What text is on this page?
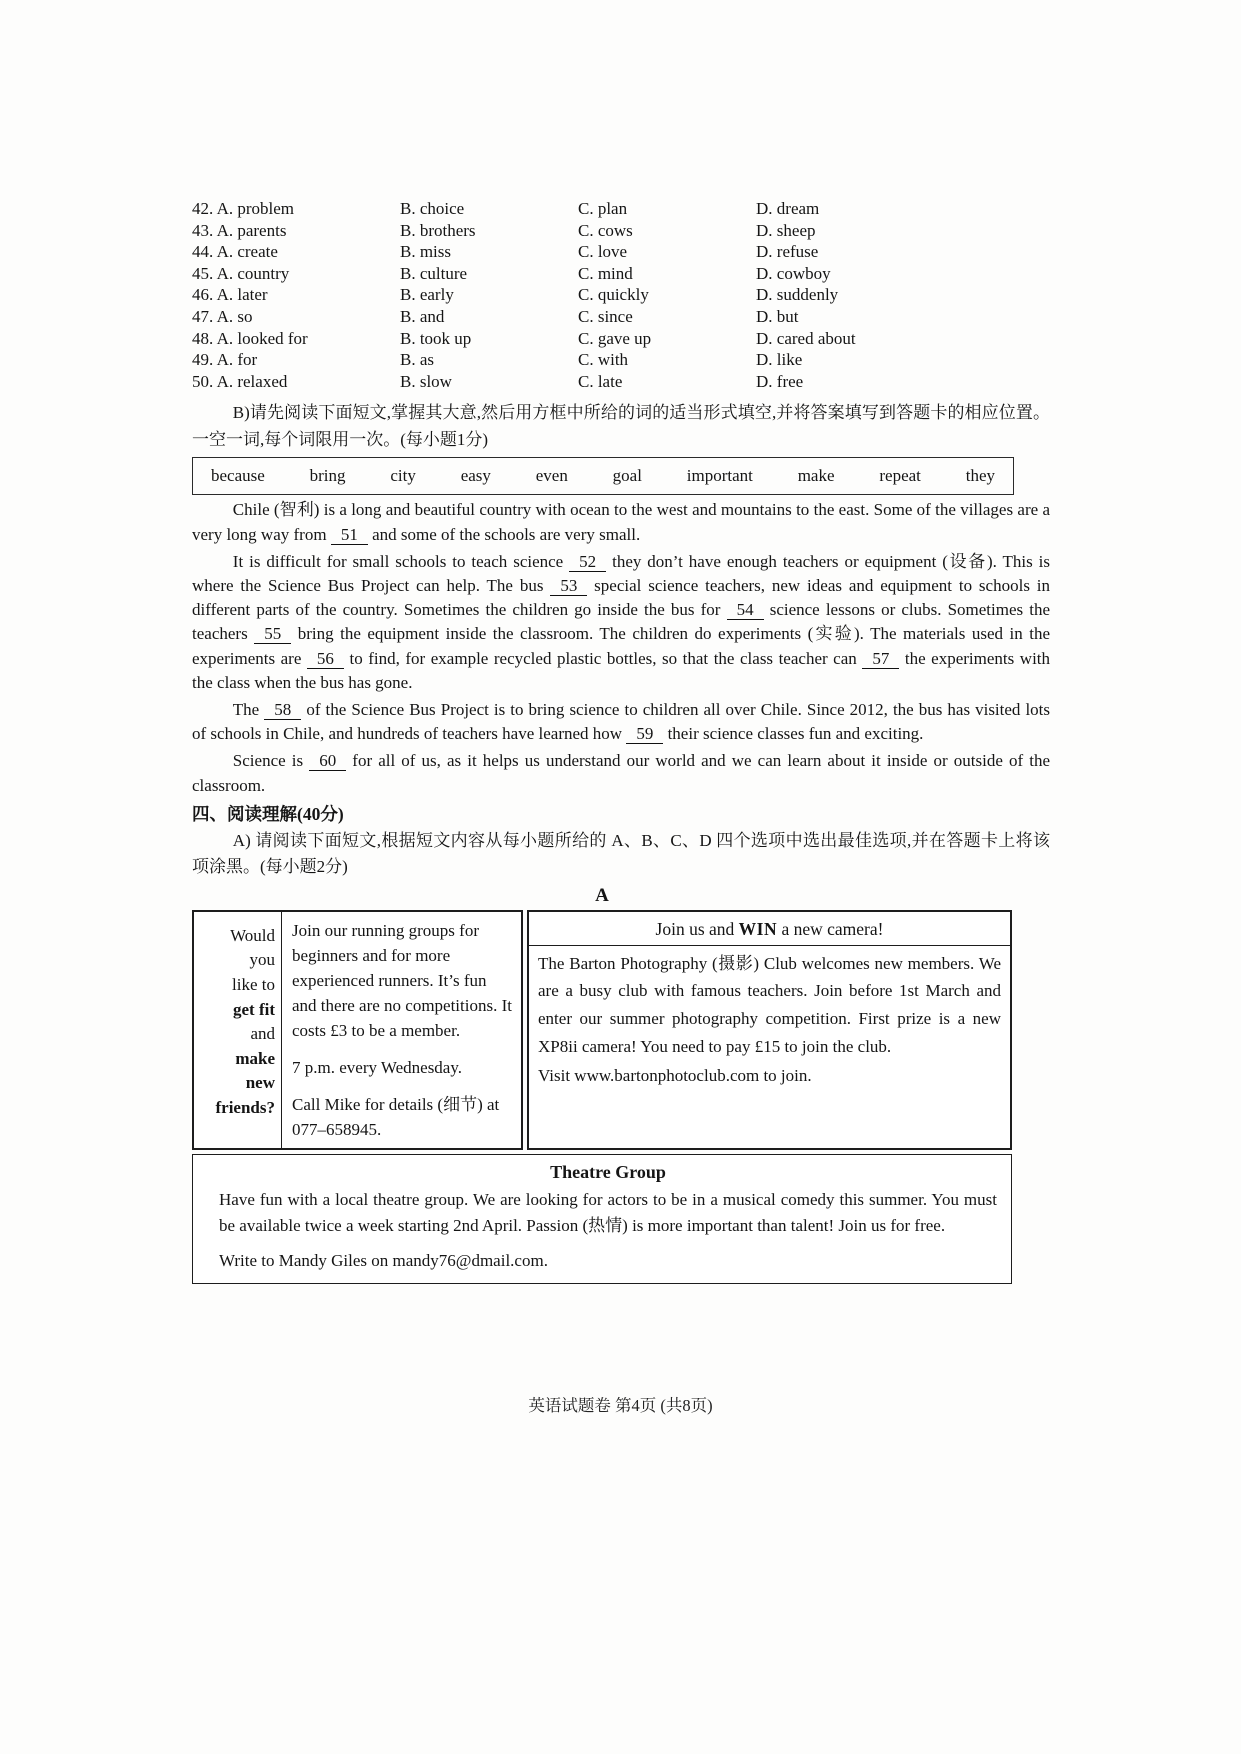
42. A. problem	B. choice	C. plan	D. dream
43. A. parents	B. brothers	C. cows	D. sheep
44. A. create	B. miss	C. love	D. refuse
45. A. country	B. culture	C. mind	D. cowboy
46. A. later	B. early	C. quickly	D. suddenly
47. A. so	B. and	C. since	D. but
48. A. looked for	B. took up	C. gave up	D. cared about
49. A. for	B. as	C. with	D. like
50. A. relaxed	B. slow	C. late	D. free

B)请先阅读下面短文,掌握其大意,然后用方框中所给的词的适当形式填空,并将答案填写到答题卡的相应位置。一空一词,每个词限用一次。(每小题1分)

because	bring	city	easy	even	goal	important	make	repeat	they

Chile (智利) is a long and beautiful country with ocean to the west and mountains to the east. Some of the villages are a very long way from 51 and some of the schools are very small.

It is difficult for small schools to teach science 52 they don’t have enough teachers or equipment (设备). This is where the Science Bus Project can help. The bus 53 special science teachers, new ideas and equipment to schools in different parts of the country. Sometimes the children go inside the bus for 54 science lessons or clubs. Sometimes the teachers 55 bring the equipment inside the classroom. The children do experiments (实验). The materials used in the experiments are 56 to find, for example recycled plastic bottles, so that the class teacher can 57 the experiments with the class when the bus has gone.

The 58 of the Science Bus Project is to bring science to children all over Chile. Since 2012, the bus has visited lots of schools in Chile, and hundreds of teachers have learned how 59 their science classes fun and exciting.

Science is 60 for all of us, as it helps us understand our world and we can learn about it inside or outside of the classroom.

四、阅读理解(40分)

A) 请阅读下面短文,根据短文内容从每小题所给的 A、B、C、D 四个选项中选出最佳选项,并在答题卡上将该项涂黑。(每小题2分)

A
Would
you
like to
get fit
and
make
new
friends?

Join our running groups for beginners and for more experienced runners. It’s fun and there are no competitions. It costs £3 to be a member.

7 p.m. every Wednesday.

Call Mike for details (细节) at 077–658945.

Join us and WIN a new camera!
The Barton Photography (摄影) Club welcomes new members. We are a busy club with famous teachers. Join before 1st March and enter our summer photography competition. First prize is a new XP8ii camera! You need to pay £15 to join the club.
Visit www.bartonphotoclub.com to join.
Theatre Group

Have fun with a local theatre group. We are looking for actors to be in a musical comedy this summer. You must be available twice a week starting 2nd April. Passion (热情) is more important than talent! Join us for free.

Write to Mandy Giles on mandy76@dmail.com.

英语试题卷 第4页 (共8页)
